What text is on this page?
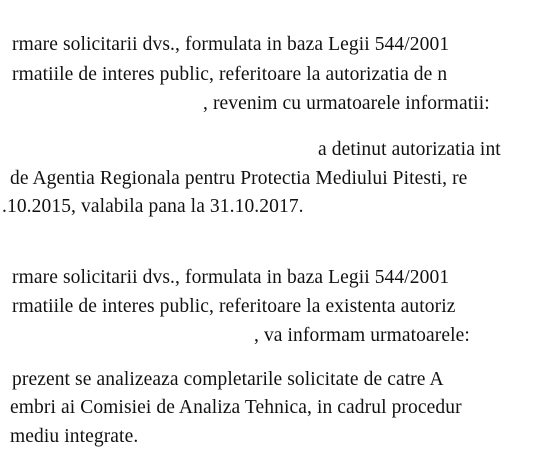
rmare solicitarii dvs., formulata in baza Legii 544/2001
rmatiile de interes public, referitoare la autorizatia de n
, revenim cu urmatoarele informatii:
a detinut autorizatia int
de Agentia Regionala pentru Protectia Mediului Pitesti, re
.10.2015, valabila pana la 31.10.2017.
rmare solicitarii dvs., formulata in baza Legii 544/2001
rmatiile de interes public, referitoare la existenta autoriz
, va informam urmatoarele:
prezent se analizeaza completarile solicitate de catre A
embri ai Comisiei de Analiza Tehnica, in cadrul procedur
mediu integrate.
